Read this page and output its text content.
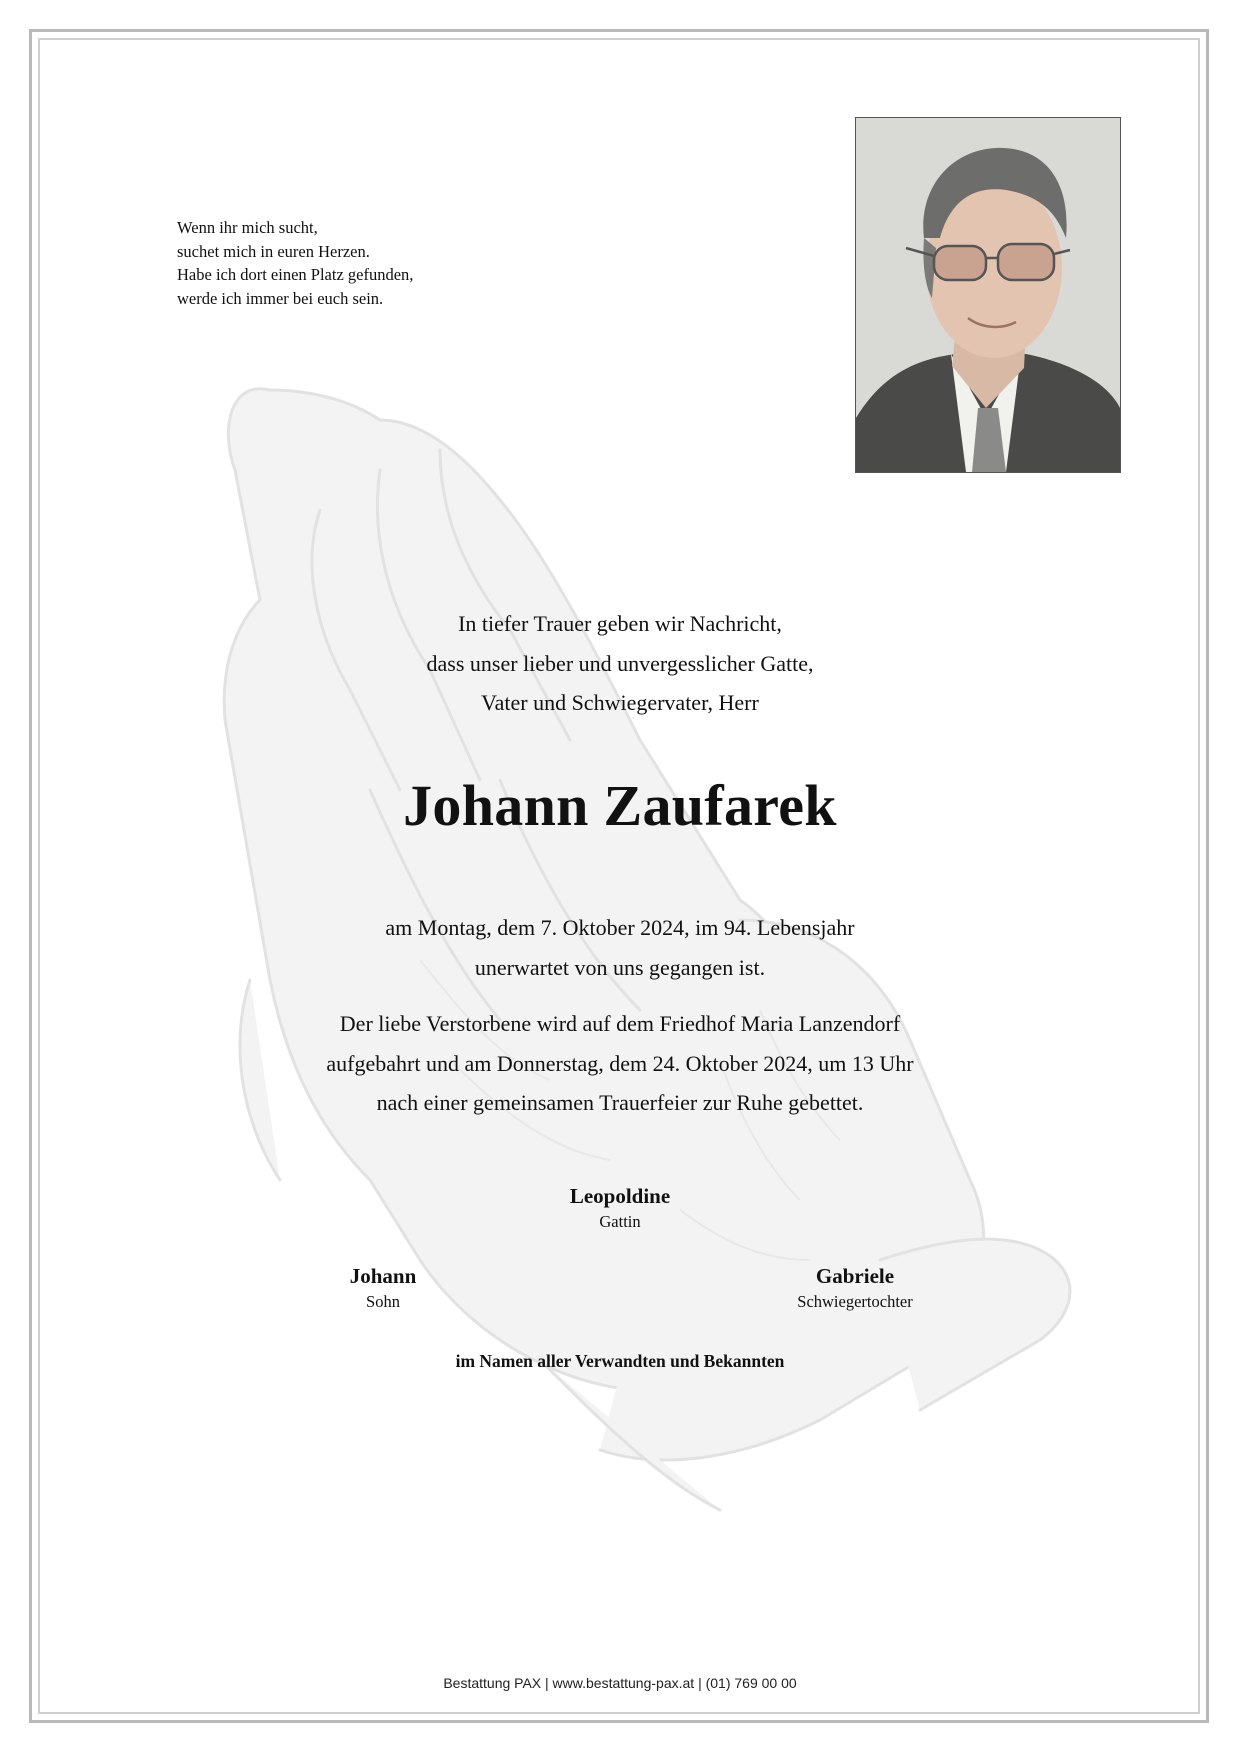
Wenn ihr mich sucht,
suchet mich in euren Herzen.
Habe ich dort einen Platz gefunden,
werde ich immer bei euch sein.
In tiefer Trauer geben wir Nachricht,
dass unser lieber und unvergesslicher Gatte,
Vater und Schwiegervater, Herr
Johann Zaufarek
am Montag, dem 7. Oktober 2024, im 94. Lebensjahr
unerwartet von uns gegangen ist.
Der liebe Verstorbene wird auf dem Friedhof Maria Lanzendorf
aufgebahrt und am Donnerstag, dem 24. Oktober 2024, um 13 Uhr
nach einer gemeinsamen Trauerfeier zur Ruhe gebettet.
Leopoldine
Gattin
Johann
Sohn
Gabriele
Schwiegertochter
im Namen aller Verwandten und Bekannten
Bestattung PAX | www.bestattung-pax.at | (01) 769 00 00
